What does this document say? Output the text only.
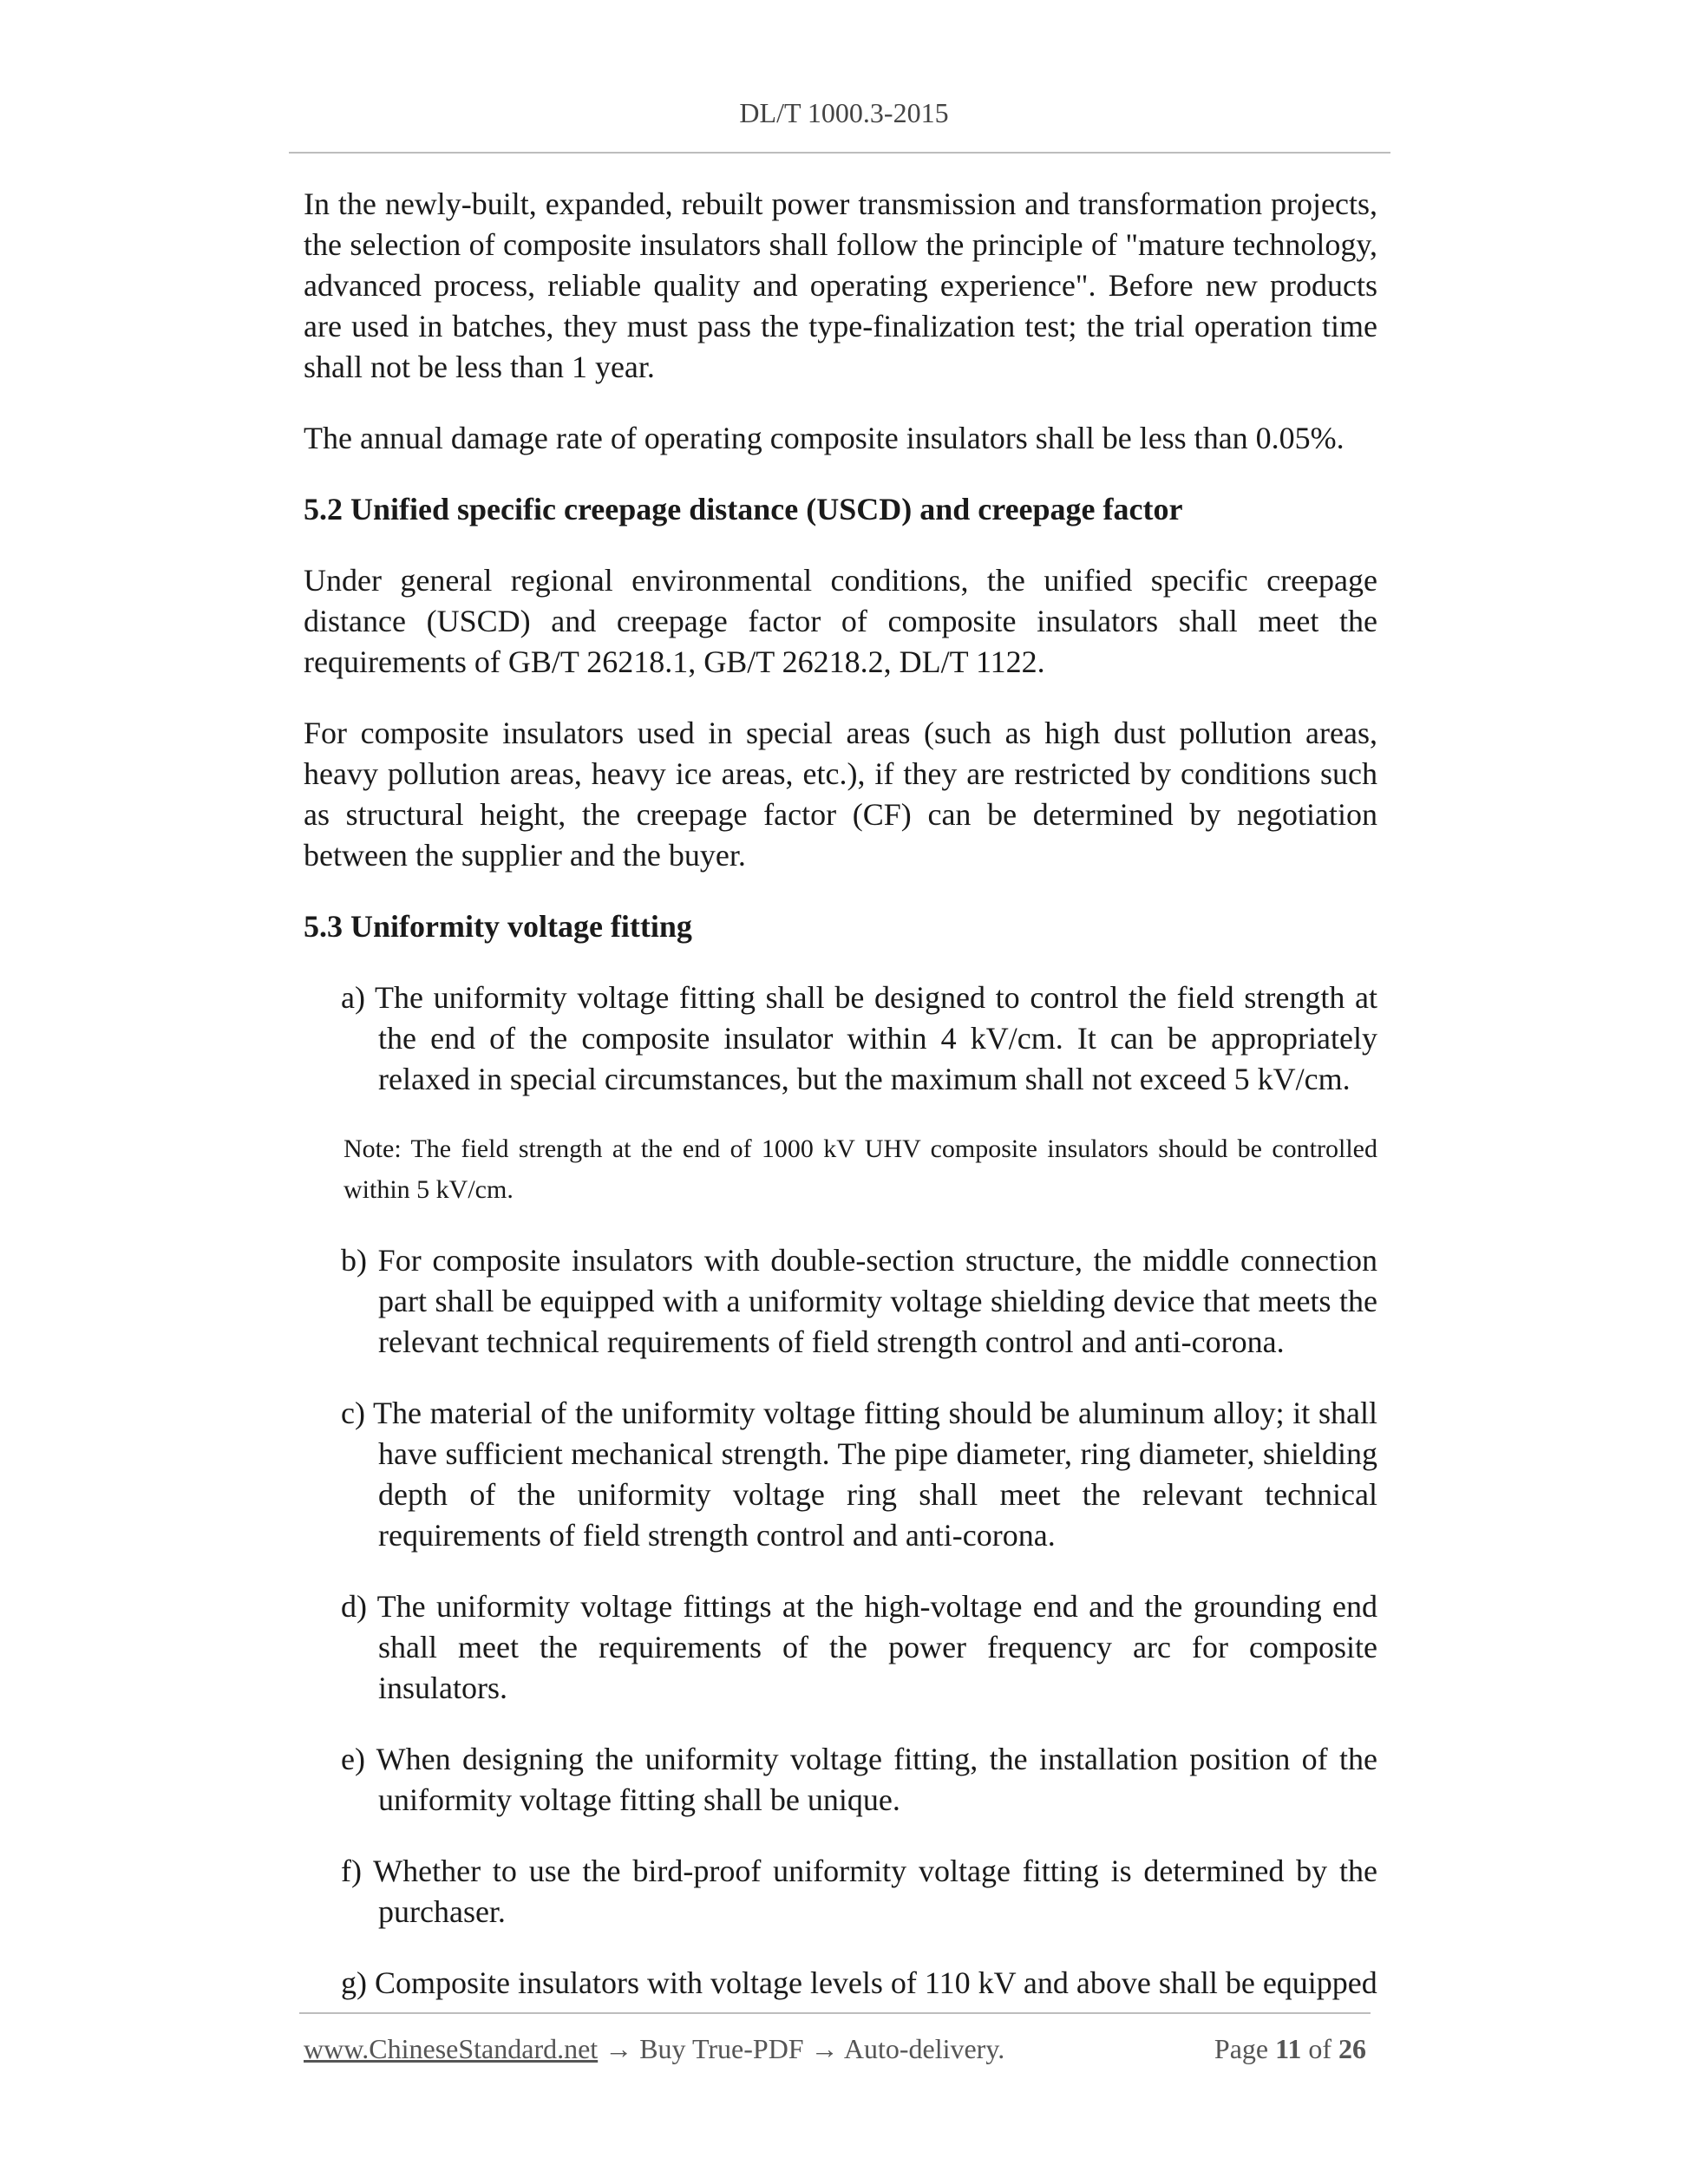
DL/T 1000.3-2015

In the newly-built, expanded, rebuilt power transmission and transformation projects, the selection of composite insulators shall follow the principle of "mature technology, advanced process, reliable quality and operating experience". Before new products are used in batches, they must pass the type-finalization test; the trial operation time shall not be less than 1 year.

The annual damage rate of operating composite insulators shall be less than 0.05%.

5.2 Unified specific creepage distance (USCD) and creepage factor

Under general regional environmental conditions, the unified specific creepage distance (USCD) and creepage factor of composite insulators shall meet the requirements of GB/T 26218.1, GB/T 26218.2, DL/T 1122.

For composite insulators used in special areas (such as high dust pollution areas, heavy pollution areas, heavy ice areas, etc.), if they are restricted by conditions such as structural height, the creepage factor (CF) can be determined by negotiation between the supplier and the buyer.

5.3 Uniformity voltage fitting

a) The uniformity voltage fitting shall be designed to control the field strength at the end of the composite insulator within 4 kV/cm. It can be appropriately relaxed in special circumstances, but the maximum shall not exceed 5 kV/cm.

Note: The field strength at the end of 1000 kV UHV composite insulators should be controlled within 5 kV/cm.

b) For composite insulators with double-section structure, the middle connection part shall be equipped with a uniformity voltage shielding device that meets the relevant technical requirements of field strength control and anti-corona.

c) The material of the uniformity voltage fitting should be aluminum alloy; it shall have sufficient mechanical strength. The pipe diameter, ring diameter, shielding depth of the uniformity voltage ring shall meet the relevant technical requirements of field strength control and anti-corona.

d) The uniformity voltage fittings at the high-voltage end and the grounding end shall meet the requirements of the power frequency arc for composite insulators.

e) When designing the uniformity voltage fitting, the installation position of the uniformity voltage fitting shall be unique.

f) Whether to use the bird-proof uniformity voltage fitting is determined by the purchaser.

g) Composite insulators with voltage levels of 110 kV and above shall be equipped

www.ChineseStandard.net → Buy True-PDF → Auto-delivery.	Page 11 of 26
